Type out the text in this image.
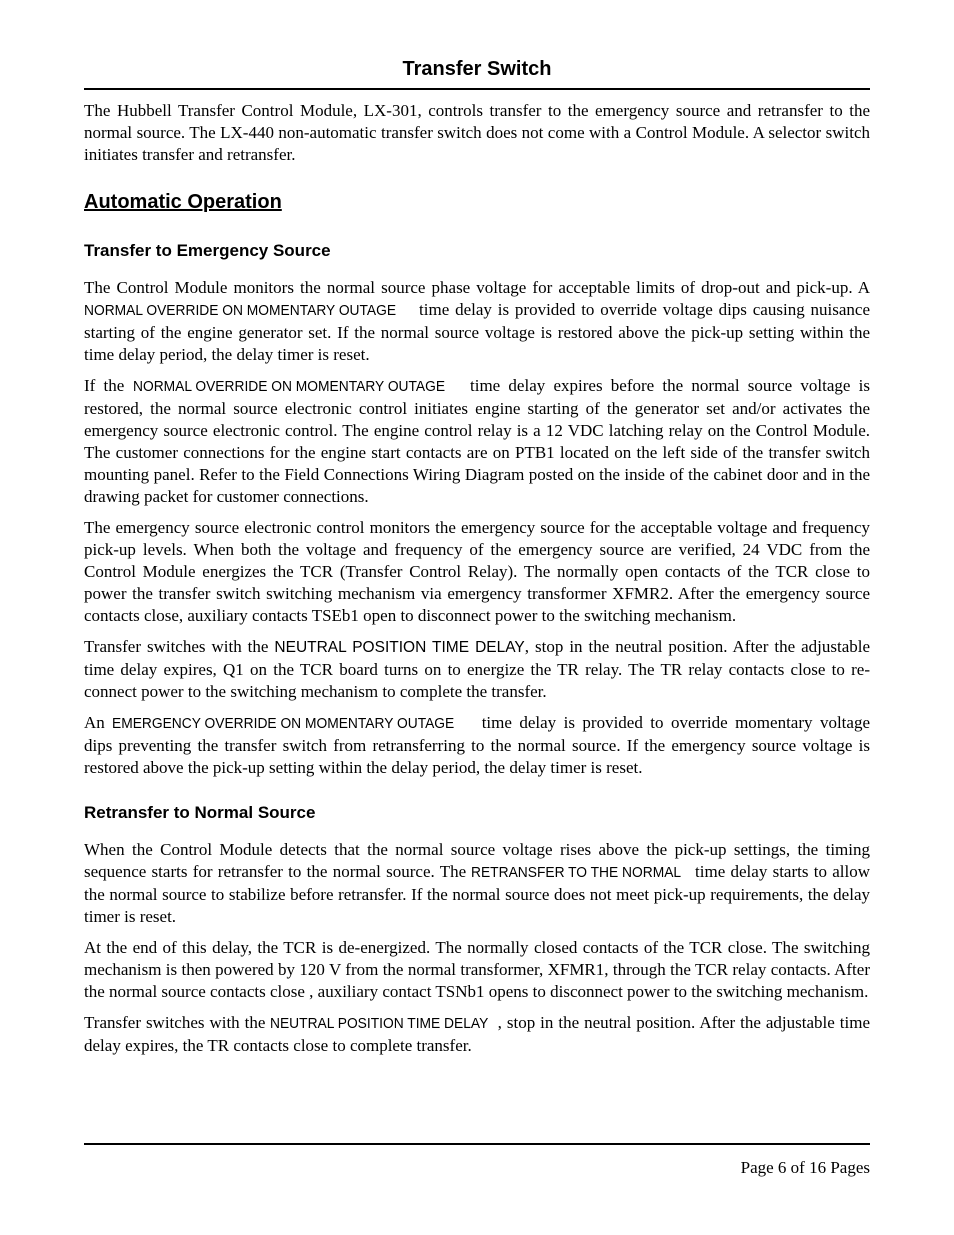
Transfer Switch

The Hubbell Transfer Control Module, LX-301, controls transfer to the emergency source and retransfer to the normal source. The LX-440 non-automatic transfer switch does not come with a Control Module. A selector switch initiates transfer and retransfer.

Automatic Operation
Transfer to Emergency Source

The Control Module monitors the normal source phase voltage for acceptable limits of drop-out and pick-up. A NORMAL OVERRIDE ON MOMENTARY OUTAGE time delay is provided to override voltage dips causing nuisance starting of the engine generator set. If the normal source voltage is restored above the pick-up setting within the time delay period, the delay timer is reset.

If the NORMAL OVERRIDE ON MOMENTARY OUTAGE time delay expires before the normal source voltage is restored, the normal source electronic control initiates engine starting of the generator set and/or activates the emergency source electronic control. The engine control relay is a 12 VDC latching relay on the Control Module. The customer connections for the engine start contacts are on PTB1 located on the left side of the transfer switch mounting panel. Refer to the Field Connections Wiring Diagram posted on the inside of the cabinet door and in the drawing packet for customer connections.

The emergency source electronic control monitors the emergency source for the acceptable voltage and frequency pick-up levels. When both the voltage and frequency of the emergency source are verified, 24 VDC from the Control Module energizes the TCR (Transfer Control Relay). The normally open contacts of the TCR close to power the transfer switch switching mechanism via emergency transformer XFMR2. After the emergency source contacts close, auxiliary contacts TSEb1 open to disconnect power to the switching mechanism.

Transfer switches with the NEUTRAL POSITION TIME DELAY, stop in the neutral position. After the adjustable time delay expires, Q1 on the TCR board turns on to energize the TR relay. The TR relay contacts close to re-connect power to the switching mechanism to complete the transfer.

An EMERGENCY OVERRIDE ON MOMENTARY OUTAGE time delay is provided to override momentary voltage dips preventing the transfer switch from retransferring to the normal source. If the emergency source voltage is restored above the pick-up setting within the delay period, the delay timer is reset.

Retransfer to Normal Source

When the Control Module detects that the normal source voltage rises above the pick-up settings, the timing sequence starts for retransfer to the normal source. The RETRANSFER TO THE NORMAL time delay starts to allow the normal source to stabilize before retransfer. If the normal source does not meet pick-up requirements, the delay timer is reset.

At the end of this delay, the TCR is de-energized. The normally closed contacts of the TCR close. The switching mechanism is then powered by 120 V from the normal transformer, XFMR1, through the TCR relay contacts. After the normal source contacts close , auxiliary contact TSNb1 opens to disconnect power to the switching mechanism.

Transfer switches with the NEUTRAL POSITION TIME DELAY , stop in the neutral position. After the adjustable time delay expires, the TR contacts close to complete transfer.

Page 6 of 16 Pages
